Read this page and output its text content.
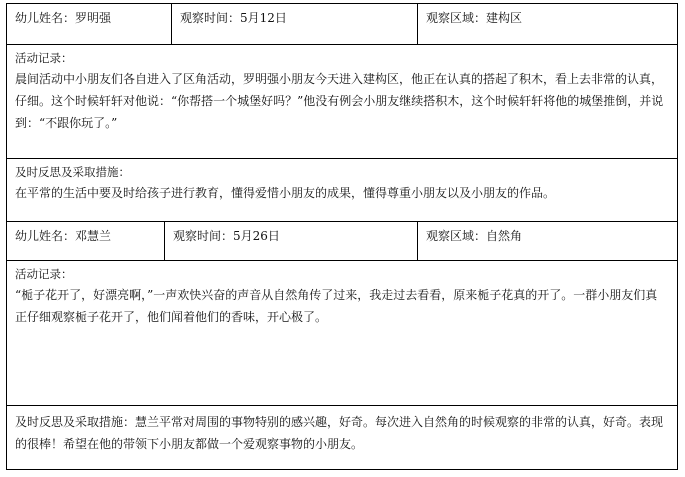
幼儿姓名：罗明强	观察时间：5月12日	观察区域：建构区
活动记录：
晨间活动中小朋友们各自进入了区角活动，罗明强小朋友今天进入建构区，他正在认真的搭起了积木，看上去非常的认真，仔细。这个时候轩轩对他说：“你帮搭一个城堡好吗？”他没有例会小朋友继续搭积木，这个时候轩轩将他的城堡推倒，并说到：“不跟你玩了。”
及时反思及采取措施：
在平常的生活中要及时给孩子进行教育，懂得爱惜小朋友的成果，懂得尊重小朋友以及小朋友的作品。
幼儿姓名：邓慧兰	观察时间：5月26日	观察区域：自然角
活动记录：
“栀子花开了，好漂亮啊，”一声欢快兴奋的声音从自然角传了过来，我走过去看看，原来栀子花真的开了。一群小朋友们真正仔细观察栀子花开了，他们闻着他们的香味，开心极了。
及时反思及采取措施：慧兰平常对周围的事物特别的感兴趣，好奇。每次进入自然角的时候观察的非常的认真，好奇。表现的很棒！希望在他的带领下小朋友都做一个爱观察事物的小朋友。
